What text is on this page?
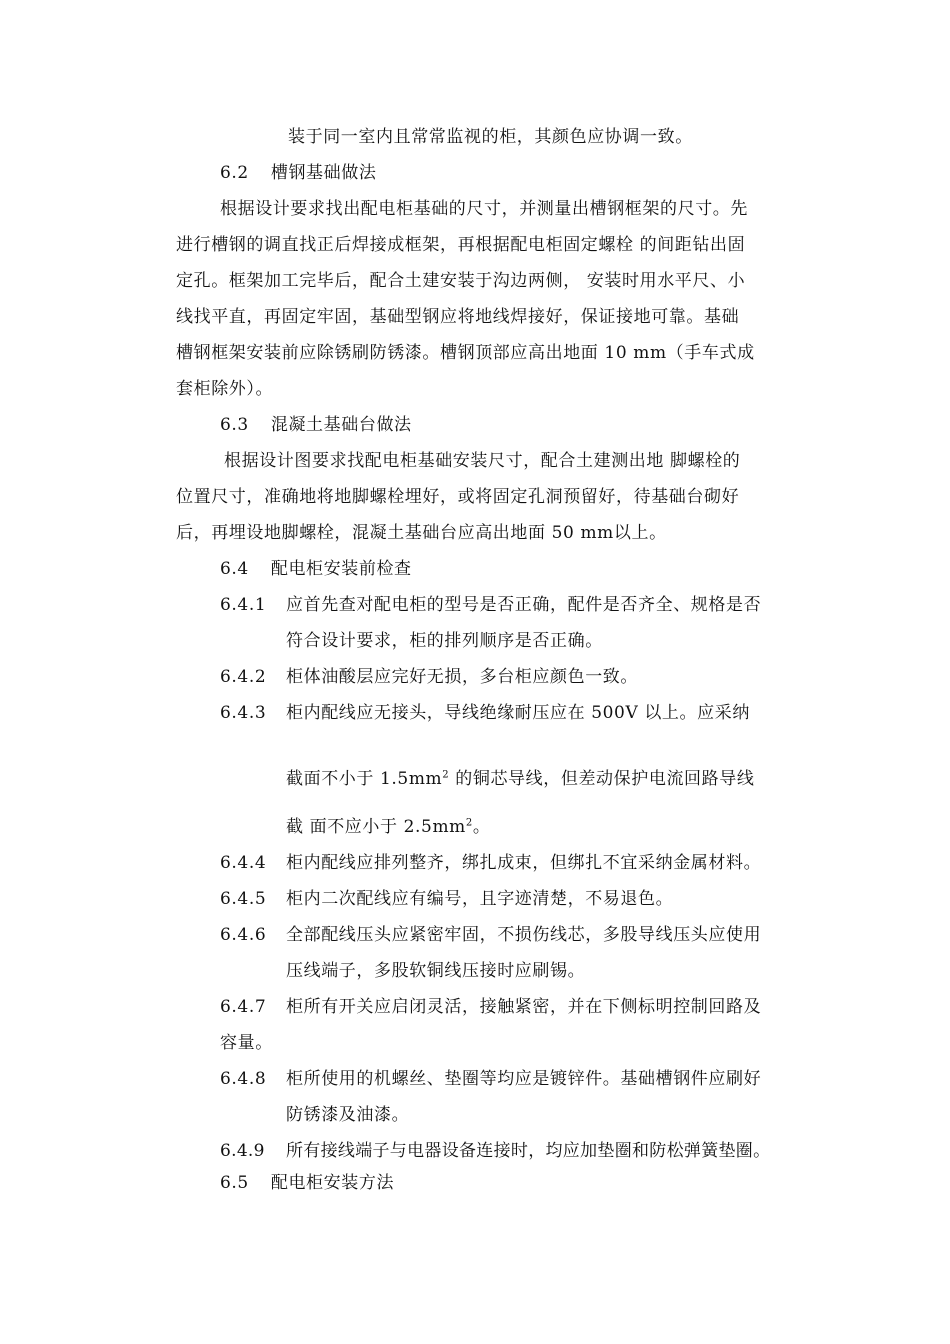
装于同一室内且常常监视的柜，其颜色应协调一致。
6.2 槽钢基础做法
根据设计要求找出配电柜基础的尺寸，并测量出槽钢框架的尺寸。先
进行槽钢的调直找正后焊接成框架，再根据配电柜固定螺栓 的间距钻出固
定孔。框架加工完毕后，配合土建安装于沟边两侧， 安装时用水平尺、小
线找平直，再固定牢固，基础型钢应将地线焊接好，保证接地可靠。基础
槽钢框架安装前应除锈刷防锈漆。槽钢顶部应高出地面 10 mm（手车式成
套柜除外）。
6.3 混凝土基础台做法
根据设计图要求找配电柜基础安装尺寸，配合土建测出地 脚螺栓的
位置尺寸，准确地将地脚螺栓埋好，或将固定孔洞预留好，待基础台砌好
后，再埋设地脚螺栓，混凝土基础台应高出地面 50 mm以上。
6.4 配电柜安装前检查
6.4.1 应首先查对配电柜的型号是否正确，配件是否齐全、规格是否
符合设计要求，柜的排列顺序是否正确。
6.4.2 柜体油酸层应完好无损，多台柜应颜色一致。
6.4.3 柜内配线应无接头，导线绝缘耐压应在 500V 以上。应采纳
截面不小于 $1.5mm^2$ 的铜芯导线，但差动保护电流回路导线
截 面不应小于 $2.5mm^2$。
6.4.4 柜内配线应排列整齐，绑扎成束，但绑扎不宜采纳金属材料。
6.4.5 柜内二次配线应有编号，且字迹清楚，不易退色。
6.4.6 全部配线压头应紧密牢固，不损伤线芯，多股导线压头应使用
压线端子，多股软铜线压接时应刷锡。
6.4.7 柜所有开关应启闭灵活，接触紧密，并在下侧标明控制回路及
容量。
6.4.8 柜所使用的机螺丝、垫圈等均应是镀锌件。基础槽钢件应刷好
防锈漆及油漆。
6.4.9 所有接线端子与电器设备连接时，均应加垫圈和防松弹簧垫圈。
6.5 配电柜安装方法
